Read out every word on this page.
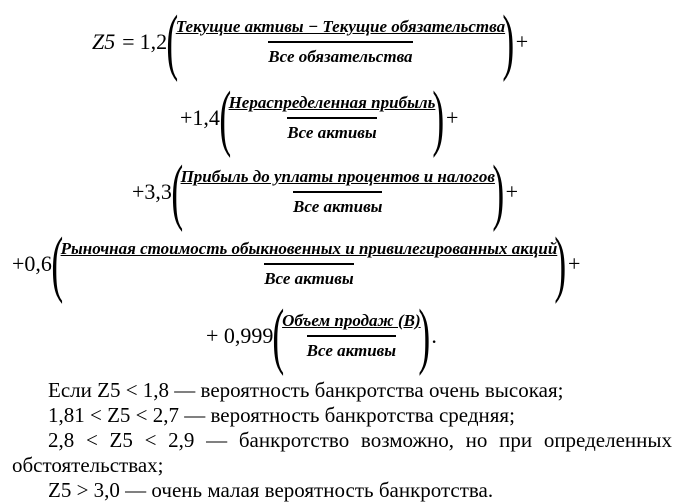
Z5 = 1,2 (
$\frac{\text{Текущие активы − Текущие обязательства}}{\text{Все обязательства}}$
) +
+1,4 (
$\frac{\text{Нераспределенная прибыль}}{\text{Все активы}}$
) +
+3,3 (
$\frac{\text{Прибыль до уплаты процентов и налогов}}{\text{Все активы}}$
) +
+0,6 (
$\frac{\text{Рыночная стоимость обыкновенных и привилегированных акций}}{\text{Все активы}}$
) +
+ 0,999 (
$\frac{\text{Объем продаж (В)}}{\text{Все активы}}$
) .

Если Z5 < 1,8 — вероятность банкротства очень высокая;

1,81 < Z5 < 2,7 — вероятность банкротства средняя;

2,8 < Z5 < 2,9 — банкротство возможно, но при определенных обстоятельствах;

Z5 > 3,0 — очень малая вероятность банкротства.
